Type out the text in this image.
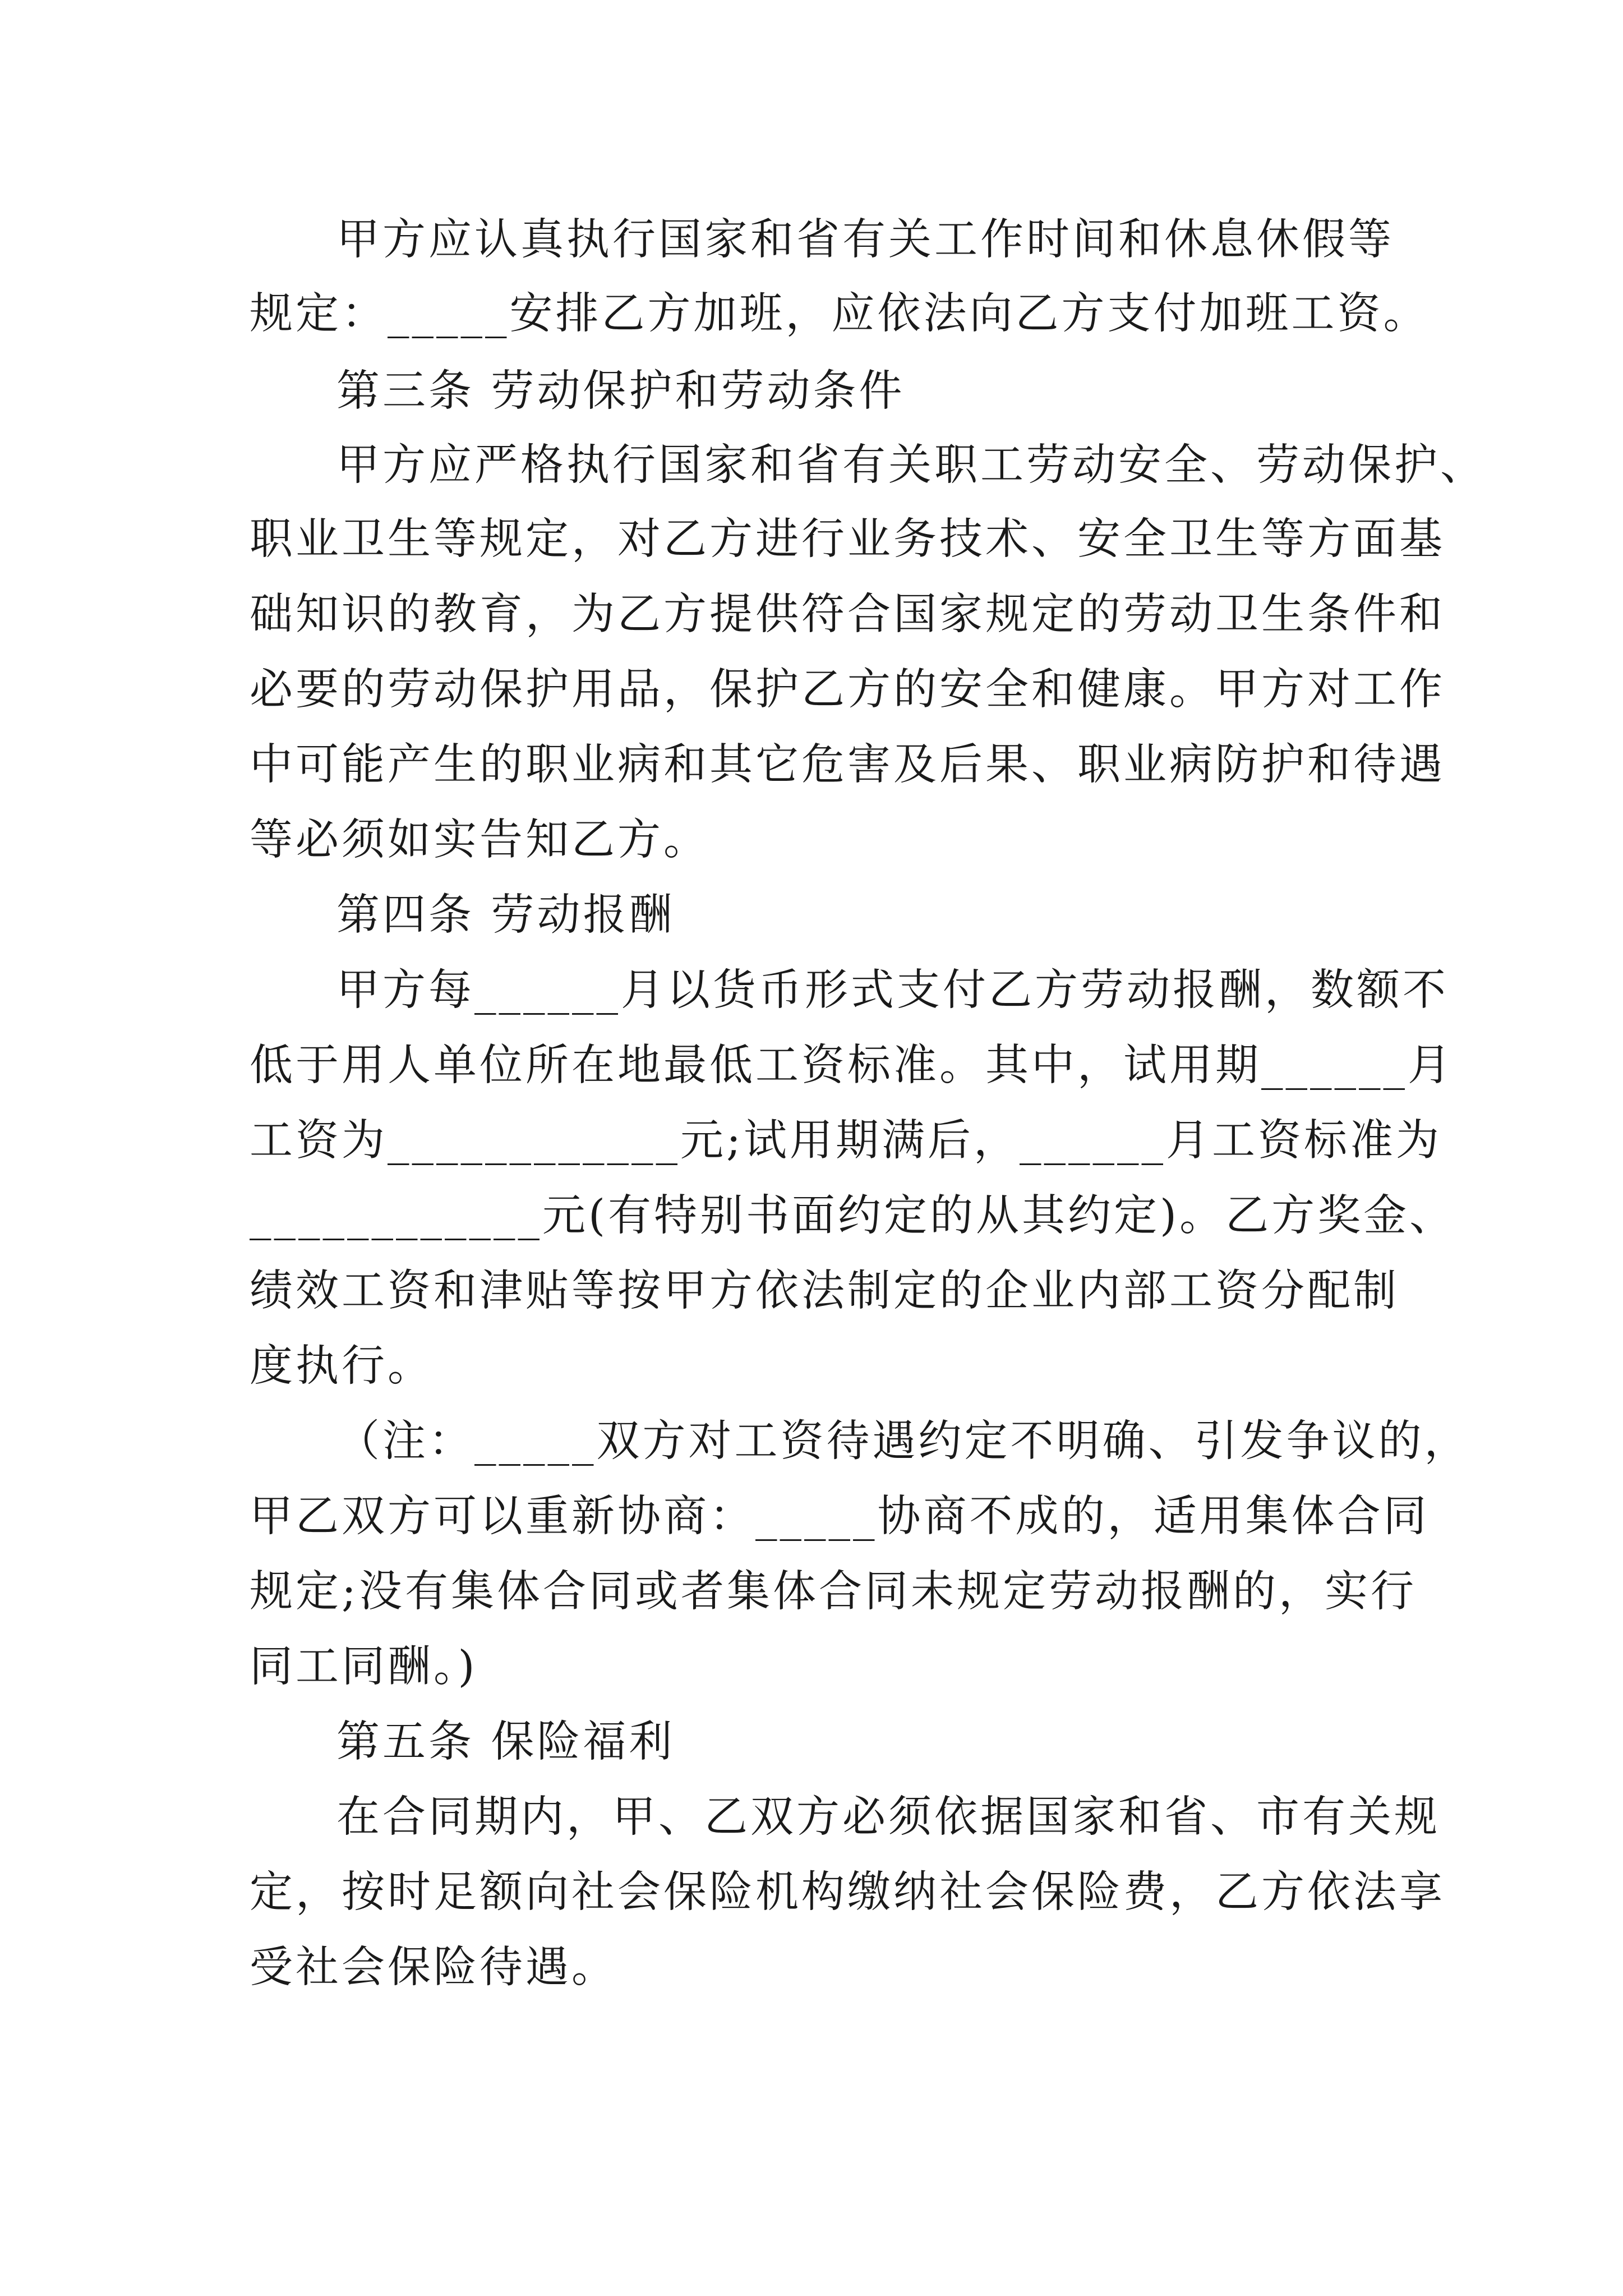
甲方应认真执行国家和省有关工作时间和休息休假等
规定：_____安排乙方加班，应依法向乙方支付加班工资。
第三条 劳动保护和劳动条件
甲方应严格执行国家和省有关职工劳动安全、劳动保护、
职业卫生等规定，对乙方进行业务技术、安全卫生等方面基
础知识的教育，为乙方提供符合国家规定的劳动卫生条件和
必要的劳动保护用品，保护乙方的安全和健康。甲方对工作
中可能产生的职业病和其它危害及后果、职业病防护和待遇
等必须如实告知乙方。
第四条 劳动报酬
甲方每______月以货币形式支付乙方劳动报酬，数额不
低于用人单位所在地最低工资标准。其中，试用期______月
工资为____________元;试用期满后，______月工资标准为
____________元(有特别书面约定的从其约定)。乙方奖金、
绩效工资和津贴等按甲方依法制定的企业内部工资分配制
度执行。
（注：_____双方对工资待遇约定不明确、引发争议的，
甲乙双方可以重新协商：_____协商不成的，适用集体合同
规定;没有集体合同或者集体合同未规定劳动报酬的，实行
同工同酬。)
第五条 保险福利
在合同期内，甲、乙双方必须依据国家和省、市有关规
定，按时足额向社会保险机构缴纳社会保险费，乙方依法享
受社会保险待遇。
